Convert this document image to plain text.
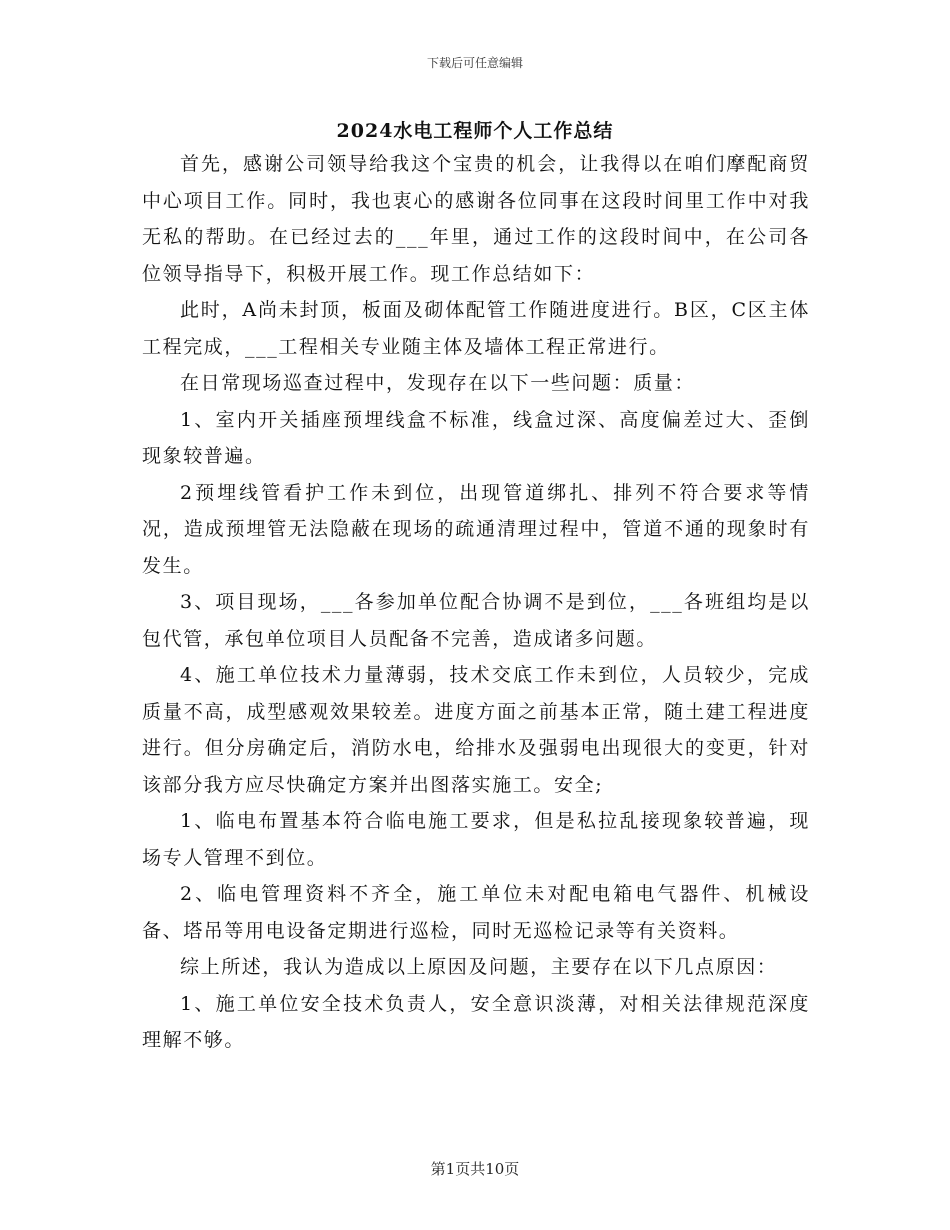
下载后可任意编辑
2024水电工程师个人工作总结

首先，感谢公司领导给我这个宝贵的机会，让我得以在咱们摩配商贸中心项目工作。同时，我也衷心的感谢各位同事在这段时间里工作中对我无私的帮助。在已经过去的___年里，通过工作的这段时间中，在公司各位领导指导下，积极开展工作。现工作总结如下：

此时，A尚未封顶，板面及砌体配管工作随进度进行。B区，C区主体工程完成，___工程相关专业随主体及墙体工程正常进行。

在日常现场巡查过程中，发现存在以下一些问题：质量：

1、室内开关插座预埋线盒不标准，线盒过深、高度偏差过大、歪倒现象较普遍。

2预埋线管看护工作未到位，出现管道绑扎、排列不符合要求等情况，造成预埋管无法隐蔽在现场的疏通清理过程中，管道不通的现象时有发生。

3、项目现场，___各参加单位配合协调不是到位，___各班组均是以包代管，承包单位项目人员配备不完善，造成诸多问题。

4、施工单位技术力量薄弱，技术交底工作未到位，人员较少，完成质量不高，成型感观效果较差。进度方面之前基本正常，随土建工程进度进行。但分房确定后，消防水电，给排水及强弱电出现很大的变更，针对该部分我方应尽快确定方案并出图落实施工。安全;

1、临电布置基本符合临电施工要求，但是私拉乱接现象较普遍，现场专人管理不到位。

2、临电管理资料不齐全，施工单位未对配电箱电气器件、机械设备、塔吊等用电设备定期进行巡检，同时无巡检记录等有关资料。

综上所述，我认为造成以上原因及问题，主要存在以下几点原因：

1、施工单位安全技术负责人，安全意识淡薄，对相关法律规范深度理解不够。

第1页共10页
